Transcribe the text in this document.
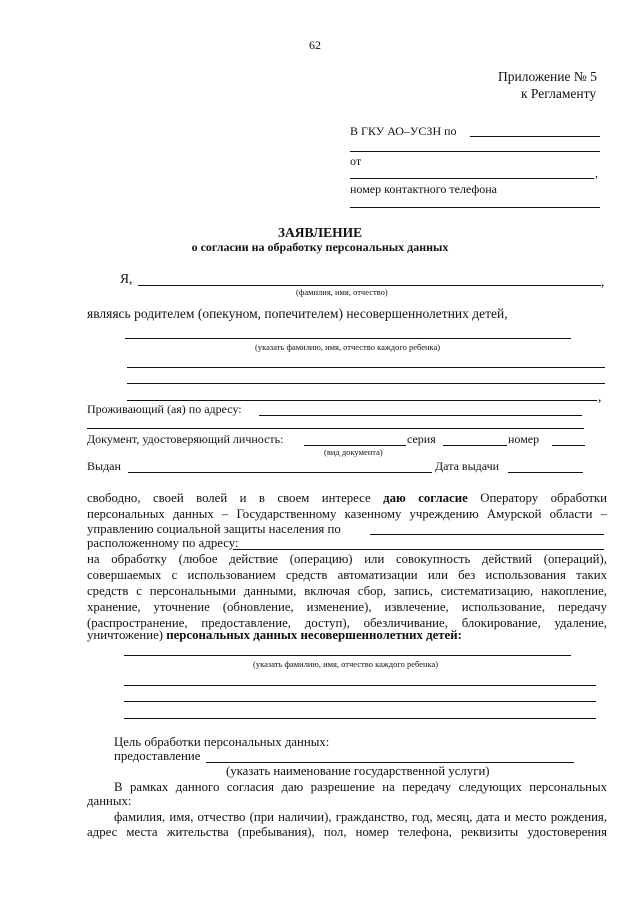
62
Приложение № 5
к Регламенту
В ГКУ АО–УСЗН по
от
,
номер контактного телефона
ЗАЯВЛЕНИЕ
о согласии на обработку персональных данных
Я,	,
(фамилия, имя, отчество)
являясь родителем (опекуном, попечителем) несовершеннолетних детей,
(указать фамилию, имя, отчество каждого ребенка)
,
Проживающий (ая) по адресу:
Документ, удостоверяющий личность:	серия	номер
(вид документа)
Выдан	Дата выдачи
свободно, своей волей и в своем интересе даю согласие Оператору обработки
персональных данных – Государственному казенному учреждению Амурской области –
управлению социальной защиты населения по
расположенному по адресу:
на обработку (любое действие (операцию) или совокупность действий (операций),
совершаемых с использованием средств автоматизации или без использования таких
средств с персональными данными, включая сбор, запись, систематизацию, накопление,
хранение, уточнение (обновление, изменение), извлечение, использование, передачу
(распространение, предоставление, доступ), обезличивание, блокирование, удаление,
уничтожение) персональных данных несовершеннолетних детей:
(указать фамилию, имя, отчество каждого ребенка)
Цель обработки персональных данных:
предоставление
(указать наименование государственной услуги)
В рамках данного согласия даю разрешение на передачу следующих персональных
данных:
фамилия, имя, отчество (при наличии), гражданство, год, месяц, дата и место рождения,
адрес места жительства (пребывания), пол, номер телефона, реквизиты удостоверения
